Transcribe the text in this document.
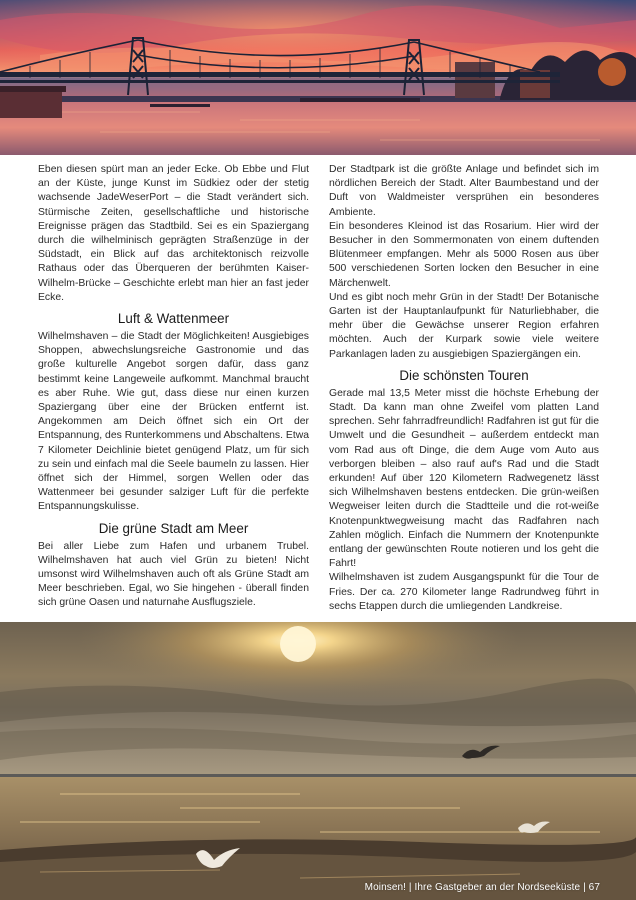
Eben diesen spürt man an jeder Ecke. Ob Ebbe und Flut an der Küste, junge Kunst im Südkiez oder der stetig wachsende JadeWeserPort – die Stadt verändert sich. Stürmische Zeiten, gesellschaftliche und historische Ereignisse prägen das Stadtbild. Sei es ein Spaziergang durch die wilhelminisch geprägten Straßenzüge in der Südstadt, ein Blick auf das architektonisch reizvolle Rathaus oder das Überqueren der berühmten Kaiser-Wilhelm-Brücke – Geschichte erlebt man hier an fast jeder Ecke.

Luft & Wattenmeer

Wilhelmshaven – die Stadt der Möglichkeiten! Ausgiebiges Shoppen, abwechslungsreiche Gastronomie und das große kulturelle Angebot sorgen dafür, dass ganz bestimmt keine Langeweile aufkommt. Manchmal braucht es aber Ruhe. Wie gut, dass diese nur einen kurzen Spaziergang über eine der Brücken entfernt ist. Angekommen am Deich öffnet sich ein Ort der Entspannung, des Runterkommens und Abschaltens. Etwa 7 Kilometer Deichlinie bietet genügend Platz, um für sich zu sein und einfach mal die Seele baumeln zu lassen. Hier öffnet sich der Himmel, sorgen Wellen oder das Wattenmeer bei gesunder salziger Luft für die perfekte Entspannungskulisse.

Die grüne Stadt am Meer

Bei aller Liebe zum Hafen und urbanem Trubel. Wilhelmshaven hat auch viel Grün zu bieten! Nicht umsonst wird Wilhelmshaven auch oft als Grüne Stadt am Meer beschrieben. Egal, wo Sie hingehen - überall finden sich grüne Oasen und naturnahe Ausflugsziele.

Der Stadtpark ist die größte Anlage und befindet sich im nördlichen Bereich der Stadt. Alter Baumbestand und der Duft von Waldmeister versprühen ein besonderes Ambiente.

Ein besonderes Kleinod ist das Rosarium. Hier wird der Besucher in den Sommermonaten von einem duftenden Blütenmeer empfangen. Mehr als 5000 Rosen aus über 500 verschiedenen Sorten locken den Besucher in eine Märchenwelt.

Und es gibt noch mehr Grün in der Stadt! Der Botanische Garten ist der Hauptanlaufpunkt für Naturliebhaber, die mehr über die Gewächse unserer Region erfahren möchten. Auch der Kurpark sowie viele weitere Parkanlagen laden zu ausgiebigen Spaziergängen ein.

Die schönsten Touren

Gerade mal 13,5 Meter misst die höchste Erhebung der Stadt. Da kann man ohne Zweifel vom platten Land sprechen. Sehr fahrradfreundlich! Radfahren ist gut für die Umwelt und die Gesundheit – außerdem entdeckt man vom Rad aus oft Dinge, die dem Auge vom Auto aus verborgen bleiben – also rauf auf's Rad und die Stadt erkunden! Auf über 120 Kilometern Radwegenetz lässt sich Wilhelmshaven bestens entdecken. Die grün-weißen Wegweiser leiten durch die Stadtteile und die rot-weiße Knotenpunktwegweisung macht das Radfahren nach Zahlen möglich. Einfach die Nummern der Knotenpunkte entlang der gewünschten Route notieren und los geht die Fahrt!

Wilhelmshaven ist zudem Ausgangspunkt für die Tour de Fries. Der ca. 270 Kilometer lange Radrundweg führt in sechs Etappen durch die umliegenden Landkreise.

Moinsen! | Ihre Gastgeber an der Nordseeküste | 67
